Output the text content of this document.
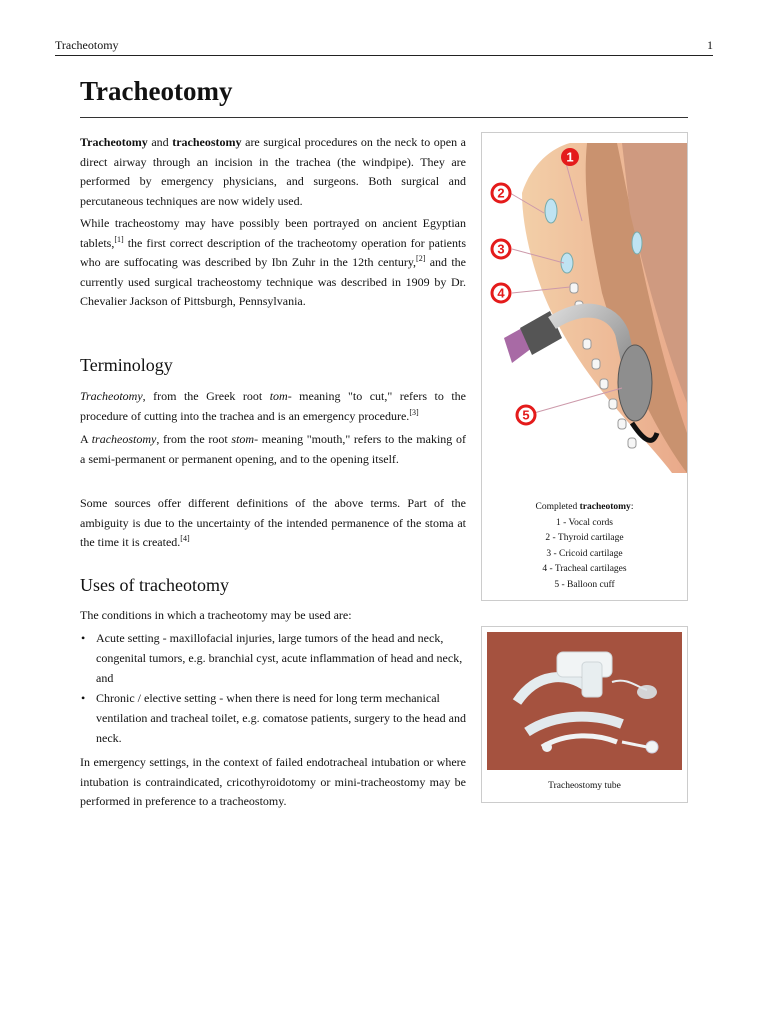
Tracheotomy	1
Tracheotomy

Tracheotomy and tracheostomy are surgical procedures on the neck to open a direct airway through an incision in the trachea (the windpipe). They are performed by emergency physicians, and surgeons. Both surgical and percutaneous techniques are now widely used.

While tracheostomy may have possibly been portrayed on ancient Egyptian tablets,[1] the first correct description of the tracheotomy operation for patients who are suffocating was described by Ibn Zuhr in the 12th century,[2] and the currently used surgical tracheostomy technique was described in 1909 by Dr. Chevalier Jackson of Pittsburgh, Pennsylvania.

Terminology

Tracheotomy, from the Greek root tom- meaning "to cut," refers to the procedure of cutting into the trachea and is an emergency procedure.[3]

A tracheostomy, from the root stom- meaning "mouth," refers to the making of a semi-permanent or permanent opening, and to the opening itself.

Some sources offer different definitions of the above terms. Part of the ambiguity is due to the uncertainty of the intended permanence of the stoma at the time it is created.[4]

Uses of tracheotomy

The conditions in which a tracheotomy may be used are:

• Acute setting - maxillofacial injuries, large tumors of the head and neck, congenital tumors, e.g. branchial cyst, acute inflammation of head and neck, and
• Chronic / elective setting - when there is need for long term mechanical ventilation and tracheal toilet, e.g. comatose patients, surgery to the head and neck.

In emergency settings, in the context of failed endotracheal intubation or where intubation is contraindicated, cricothyroidotomy or mini-tracheostomy may be performed in preference to a tracheostomy.

1
2
3
4
5
Completed tracheotomy:
1 - Vocal cords
2 - Thyroid cartilage
3 - Cricoid cartilage
4 - Tracheal cartilages
5 - Balloon cuff
Tracheostomy tube
